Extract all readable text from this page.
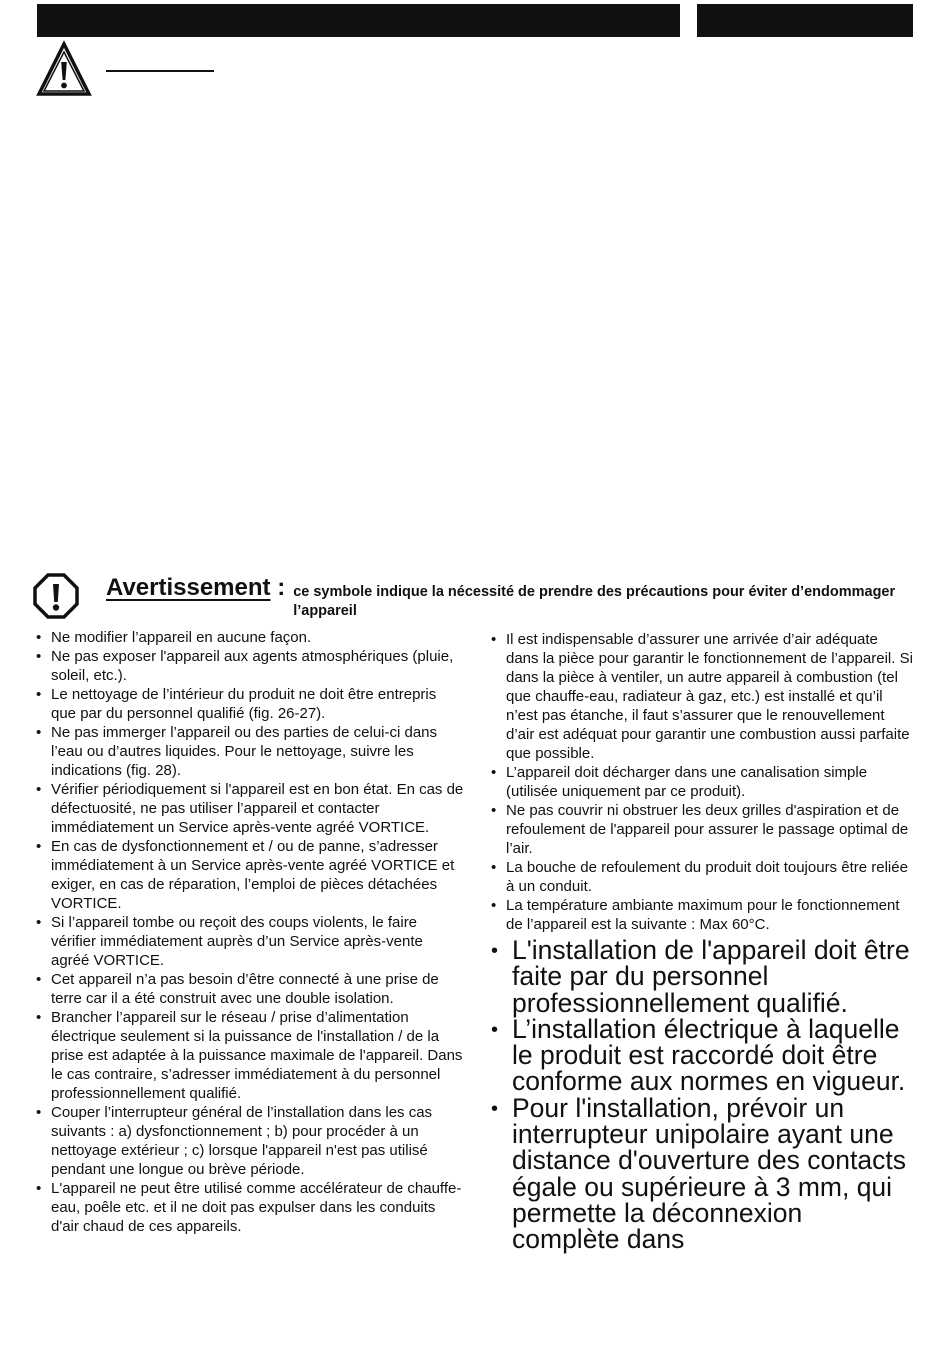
Avertissement : ce symbole indique la nécessité de prendre des précautions pour éviter d’endommager l’appareil
• Ne modifier l’appareil en aucune façon.
• Ne pas exposer l'appareil aux agents atmosphériques (pluie, soleil, etc.).
• Le nettoyage de l’intérieur du produit ne doit être entrepris que par du personnel qualifié (fig. 26-27).
• Ne pas immerger l’appareil ou des parties de celui-ci dans l’eau ou d’autres liquides. Pour le nettoyage, suivre les indications (fig. 28).
• Vérifier périodiquement si l'appareil est en bon état. En cas de défectuosité, ne pas utiliser l’appareil et contacter immédiatement un Service après-vente agréé VORTICE.
• En cas de dysfonctionnement et / ou de panne, s’adresser immédiatement à un Service après-vente agréé VORTICE et exiger, en cas de réparation, l’emploi de pièces détachées VORTICE.
• Si l’appareil tombe ou reçoit des coups violents, le faire vérifier immédiatement auprès d’un Service après-vente agréé VORTICE.
• Cet appareil n’a pas besoin d’être connecté à une prise de terre car il a été construit avec une double isolation.
• Brancher l’appareil sur le réseau / prise d’alimentation électrique seulement si la puissance de l'installation / de la prise est adaptée à la puissance maximale de l'appareil. Dans le cas contraire, s’adresser immédiatement à du personnel professionnellement qualifié.
• Couper l’interrupteur général de l’installation dans les cas suivants : a) dysfonctionnement ; b) pour procéder à un nettoyage extérieur ; c) lorsque l'appareil n'est pas utilisé pendant une longue ou brève période.
• L'appareil ne peut être utilisé comme accélérateur de chauffe-eau, poêle etc. et il ne doit pas expulser dans les conduits d'air chaud de ces appareils.
• Il est indispensable d’assurer une arrivée d’air adéquate dans la pièce pour garantir le fonctionnement de l’appareil. Si dans la pièce à ventiler, un autre appareil à combustion (tel que chauffe-eau, radiateur à gaz, etc.) est installé et qu’il n’est pas étanche, il faut s’assurer que le renouvellement d’air est adéquat pour garantir une combustion aussi parfaite que possible.
• L’appareil doit décharger dans une canalisation simple (utilisée uniquement par ce produit).
• Ne pas couvrir ni obstruer les deux grilles d'aspiration et de refoulement de l'appareil pour assurer le passage optimal de l’air.
• La bouche de refoulement du produit doit toujours être reliée à un conduit.
• La température ambiante maximum pour le fonctionnement de l’appareil est la suivante : Max 60°C.
• L'installation de l'appareil doit être faite par du personnel professionnellement qualifié.
• L’installation électrique à laquelle le produit est raccordé doit être conforme aux normes en vigueur.
• Pour l'installation, prévoir un interrupteur unipolaire ayant une distance d'ouverture des contacts égale ou supérieure à 3 mm, qui permette la déconnexion complète dans
